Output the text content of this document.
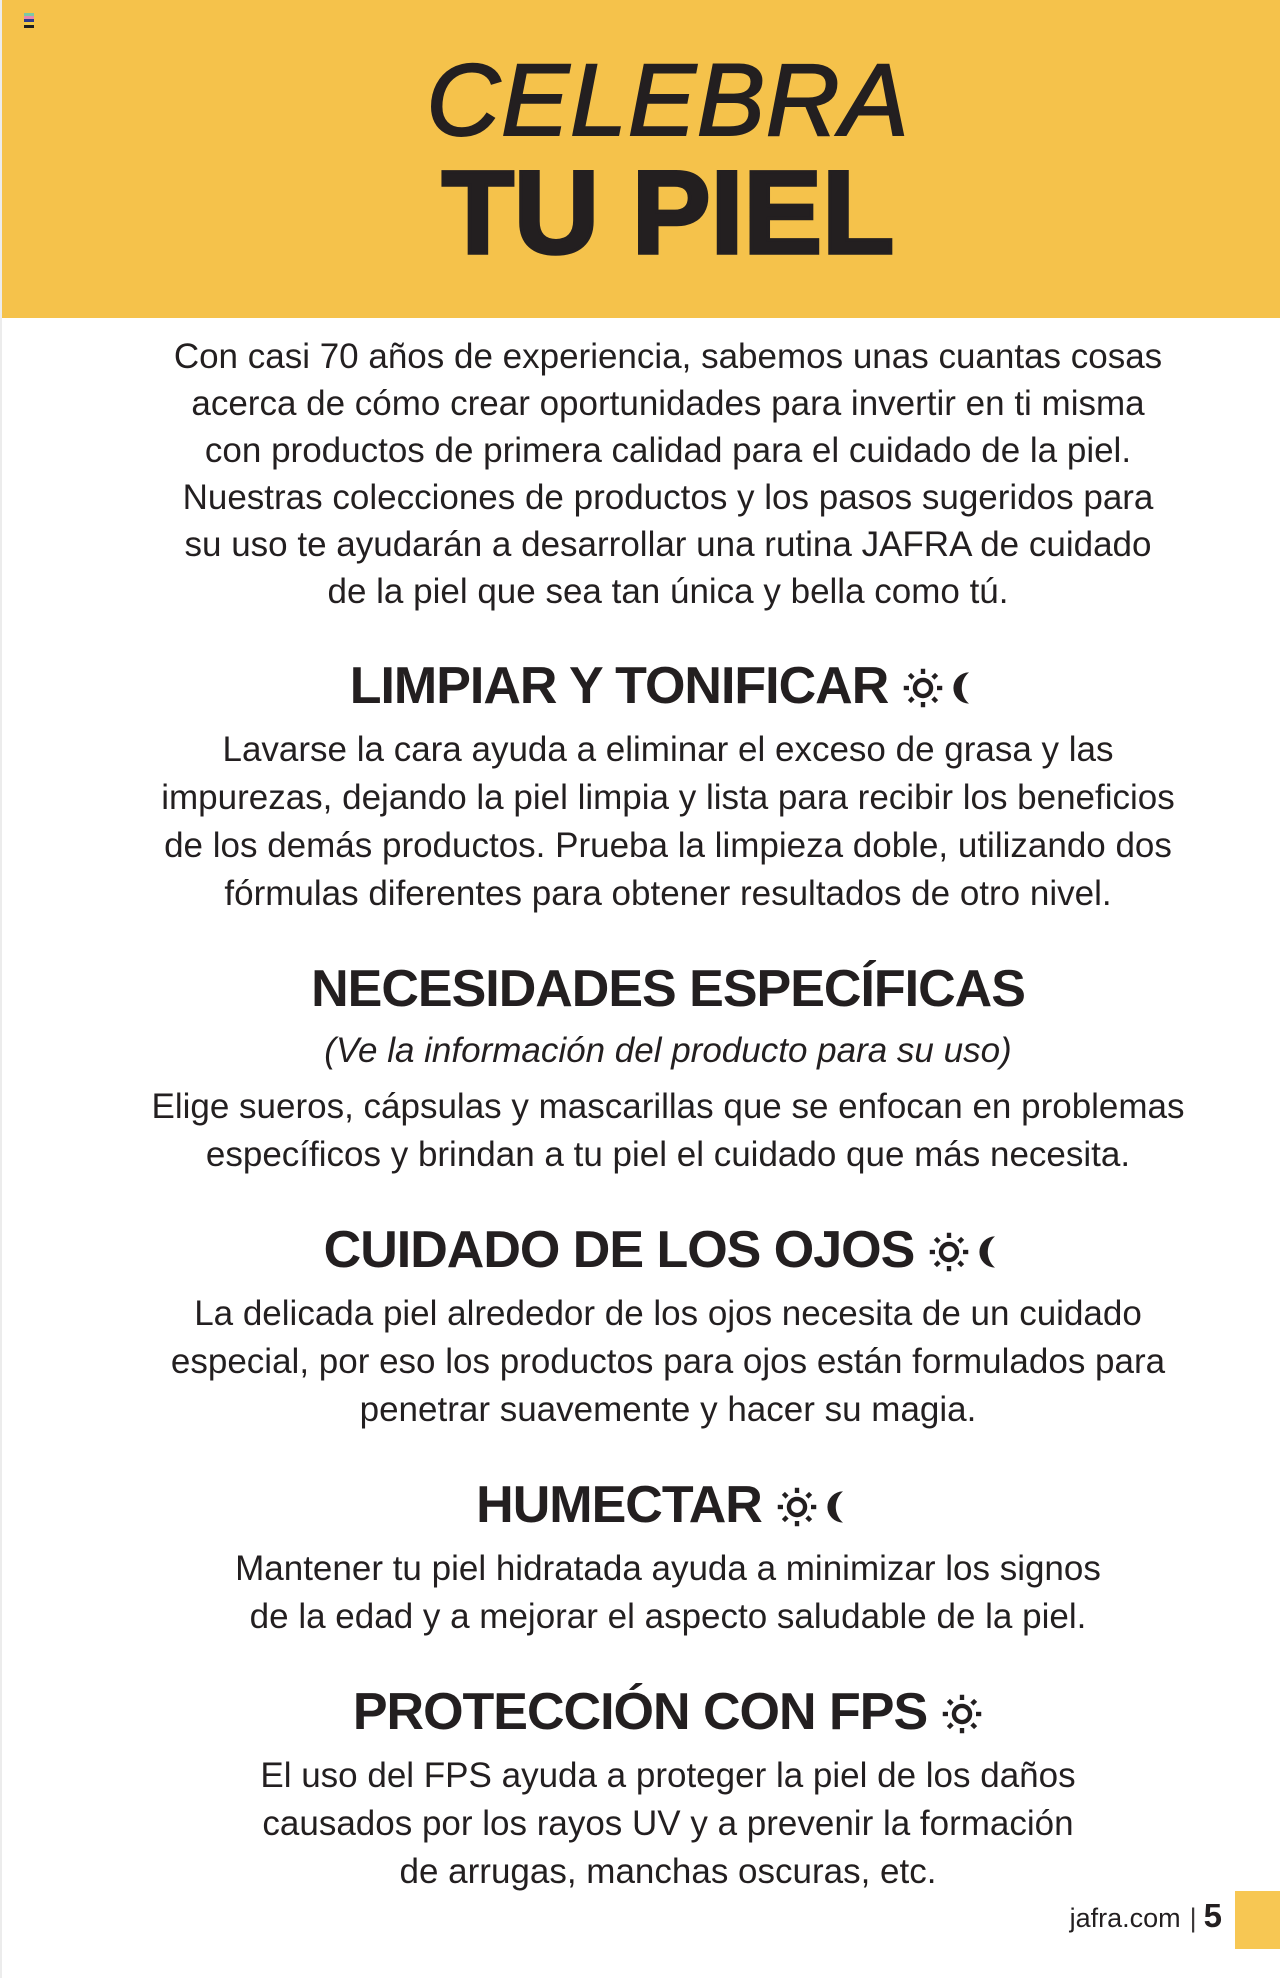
CELEBRA
TU PIEL

Con casi 70 años de experiencia, sabemos unas cuantas cosas
acerca de cómo crear oportunidades para invertir en ti misma
con productos de primera calidad para el cuidado de la piel.
Nuestras colecciones de productos y los pasos sugeridos para
su uso te ayudarán a desarrollar una rutina JAFRA de cuidado
de la piel que sea tan única y bella como tú.

LIMPIAR Y TONIFICAR

Lavarse la cara ayuda a eliminar el exceso de grasa y las
impurezas, dejando la piel limpia y lista para recibir los beneficios
de los demás productos. Prueba la limpieza doble, utilizando dos
fórmulas diferentes para obtener resultados de otro nivel.

NECESIDADES ESPECÍFICAS

(Ve la información del producto para su uso)

Elige sueros, cápsulas y mascarillas que se enfocan en problemas
específicos y brindan a tu piel el cuidado que más necesita.

CUIDADO DE LOS OJOS

La delicada piel alrededor de los ojos necesita de un cuidado
especial, por eso los productos para ojos están formulados para
penetrar suavemente y hacer su magia.

HUMECTAR

Mantener tu piel hidratada ayuda a minimizar los signos
de la edad y a mejorar el aspecto saludable de la piel.

PROTECCIÓN CON FPS

El uso del FPS ayuda a proteger la piel de los daños
causados por los rayos UV y a prevenir la formación
de arrugas, manchas oscuras, etc.

jafra.com | 5
